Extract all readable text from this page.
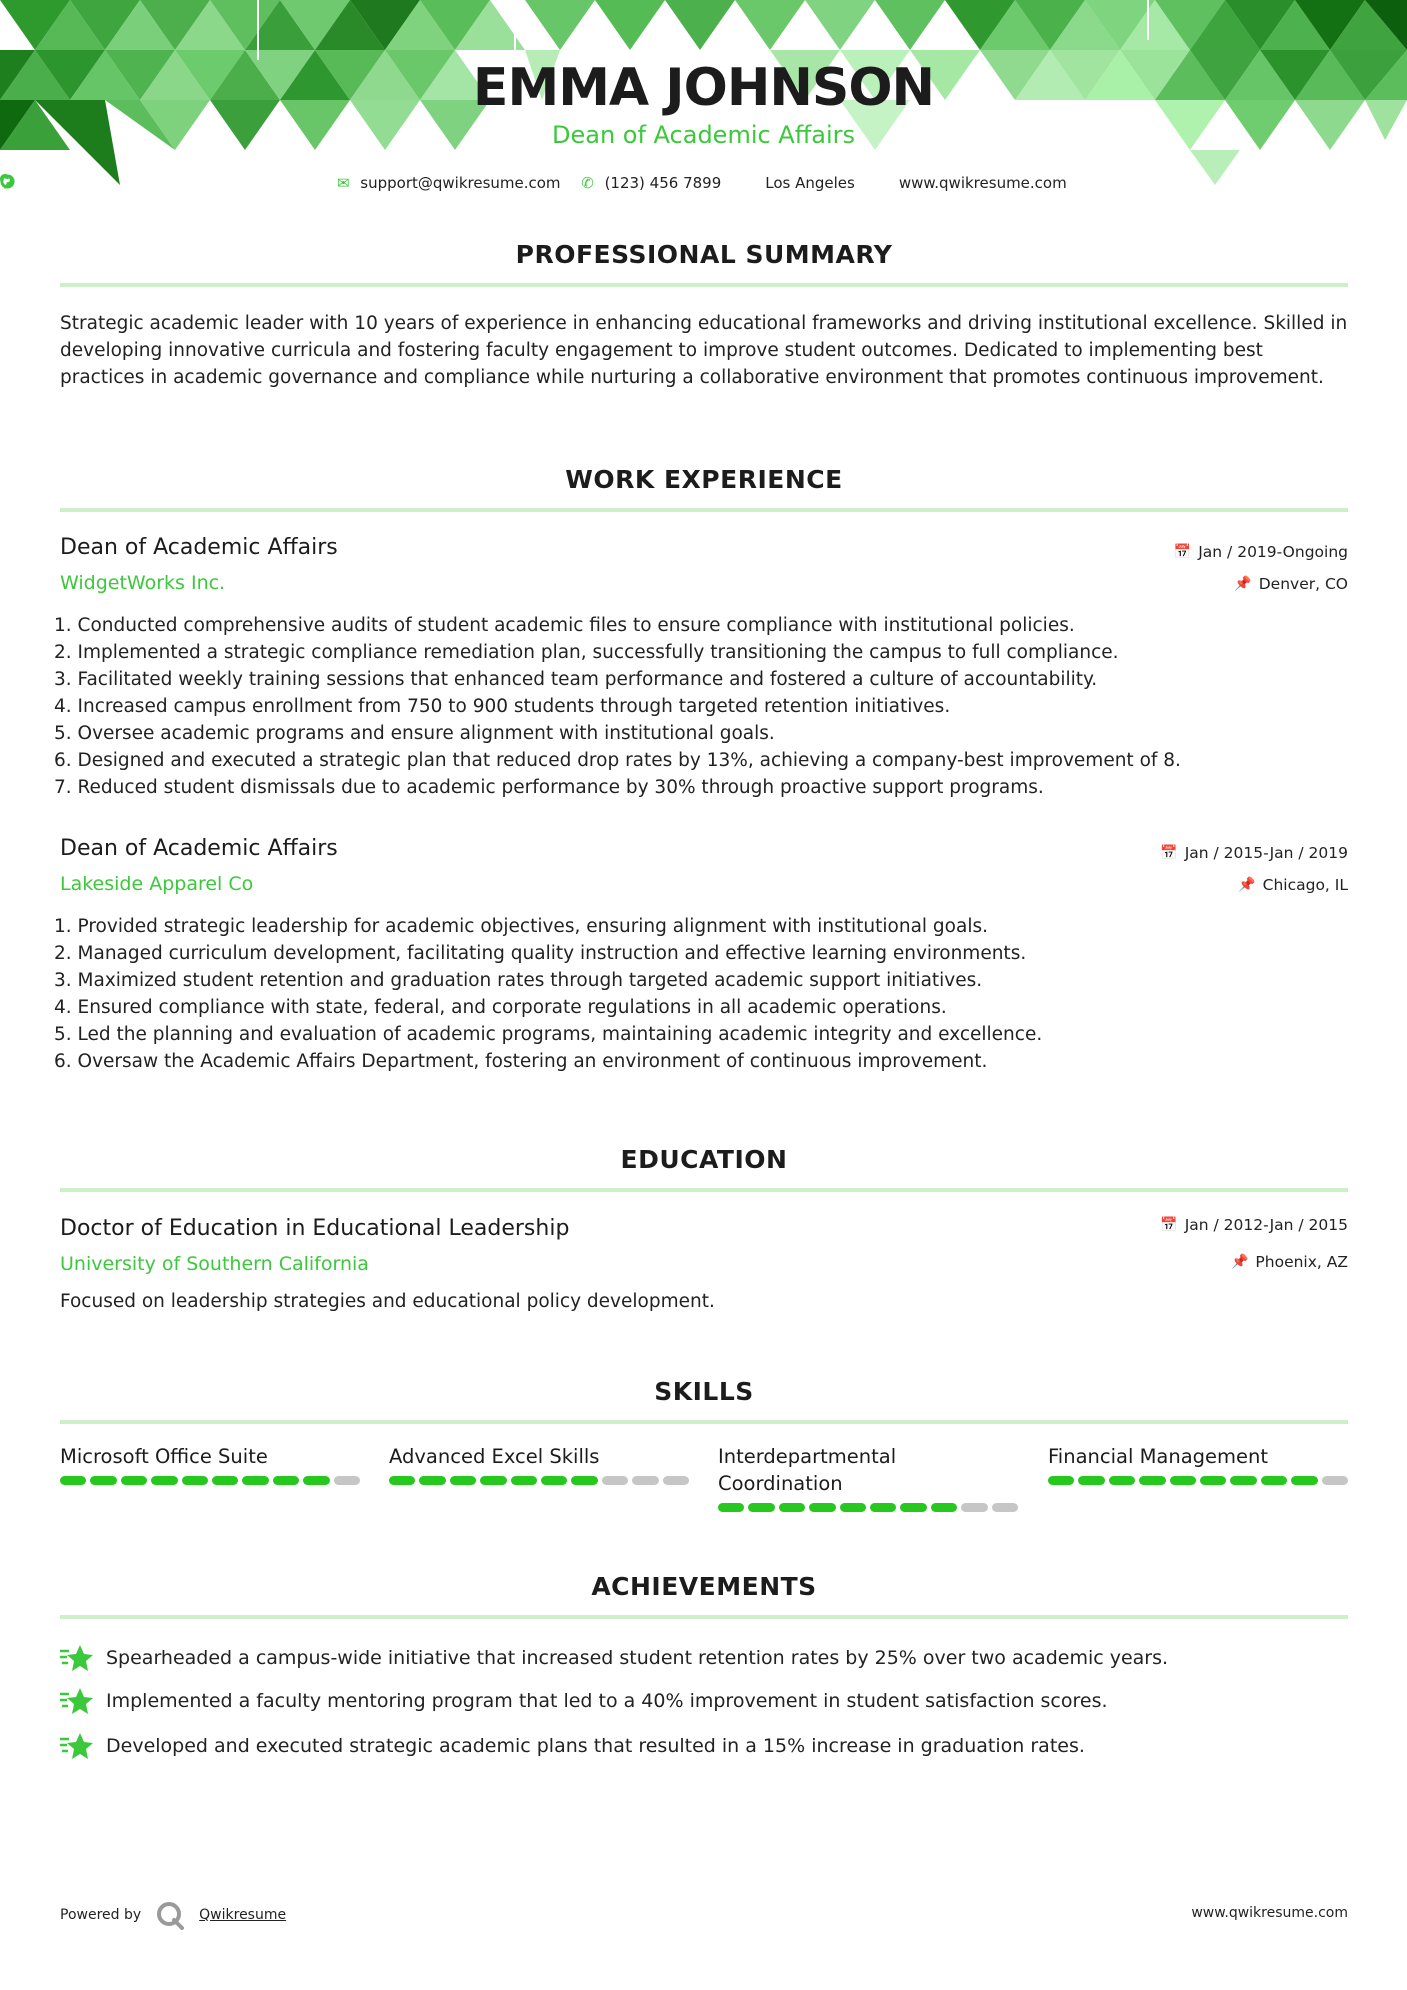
EMMA JOHNSON
Dean of Academic Affairs
✉ support@qwikresume.com ✆ (123) 456 7899	Los Angeles	www.qwikresume.com
PROFESSIONAL SUMMARY
Strategic academic leader with 10 years of experience in enhancing educational frameworks and driving institutional excellence. Skilled in developing innovative curricula and fostering faculty engagement to improve student outcomes. Dedicated to implementing best practices in academic governance and compliance while nurturing a collaborative environment that promotes continuous improvement.
WORK EXPERIENCE
Dean of Academic Affairs	📅 Jan / 2019-Ongoing
WidgetWorks Inc.	📌 Denver, CO
1. Conducted comprehensive audits of student academic files to ensure compliance with institutional policies.
2. Implemented a strategic compliance remediation plan, successfully transitioning the campus to full compliance.
3. Facilitated weekly training sessions that enhanced team performance and fostered a culture of accountability.
4. Increased campus enrollment from 750 to 900 students through targeted retention initiatives.
5. Oversee academic programs and ensure alignment with institutional goals.
6. Designed and executed a strategic plan that reduced drop rates by 13%, achieving a company-best improvement of 8.
7. Reduced student dismissals due to academic performance by 30% through proactive support programs.
Dean of Academic Affairs	📅 Jan / 2015-Jan / 2019
Lakeside Apparel Co	📌 Chicago, IL
1. Provided strategic leadership for academic objectives, ensuring alignment with institutional goals.
2. Managed curriculum development, facilitating quality instruction and effective learning environments.
3. Maximized student retention and graduation rates through targeted academic support initiatives.
4. Ensured compliance with state, federal, and corporate regulations in all academic operations.
5. Led the planning and evaluation of academic programs, maintaining academic integrity and excellence.
6. Oversaw the Academic Affairs Department, fostering an environment of continuous improvement.
EDUCATION
Doctor of Education in Educational Leadership	📅 Jan / 2012-Jan / 2015
University of Southern California	📌 Phoenix, AZ
Focused on leadership strategies and educational policy development.
SKILLS
Microsoft Office Suite	Advanced Excel Skills	Interdepartmental Coordination
Financial Management
ACHIEVEMENTS
Spearheaded a campus-wide initiative that increased student retention rates by 25% over two academic years.
Implemented a faculty mentoring program that led to a 40% improvement in student satisfaction scores.
Developed and executed strategic academic plans that resulted in a 15% increase in graduation rates.
Powered by	Qwikresume	www.qwikresume.com
